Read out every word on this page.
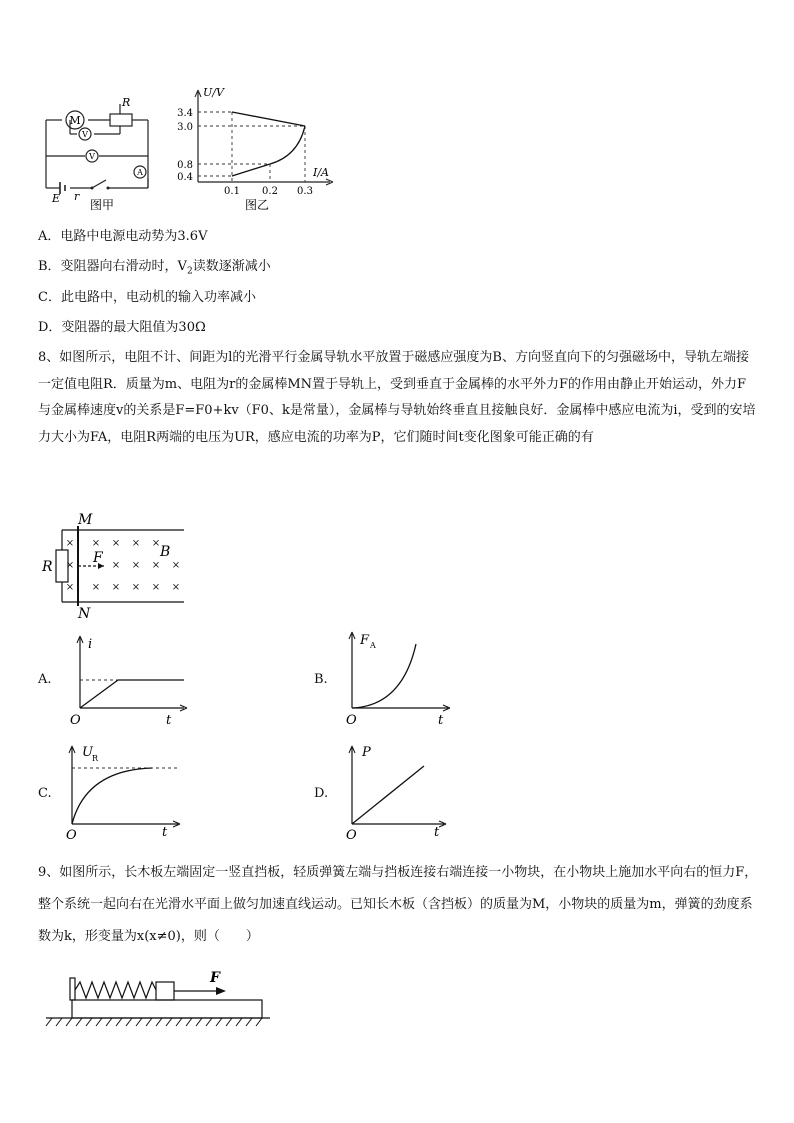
M
R
V
V
A
E r
图甲
U/V
I/A
3.4
3.0
0.8
0.4
0.1 0.2 0.3
图乙
A．电路中电源电动势为3.6V
B．变阻器向右滑动时，$V_2$读数逐渐减小
C．此电路中，电动机的输入功率减小
D．变阻器的最大阻值为30Ω
8、如图所示，电阻不计、间距为l的光滑平行金属导轨水平放置于磁感应强度为B、方向竖直向下的匀强磁场中，导轨左端接一定值电阻R．质量为m、电阻为r的金属棒MN置于导轨上，受到垂直于金属棒的水平外力F的作用由静止开始运动，外力F与金属棒速度v的关系是F=F0+kv（F0、k是常量），金属棒与导轨始终垂直且接触良好．金属棒中感应电流为i，受到的安培力大小为FA，电阻R两端的电压为UR，感应电流的功率为P，它们随时间t变化图象可能正确的有
×
×
×
×
×
×
×
×
×
×
×
×
×
×
×
×
M
N
R
F	B
A.
i
O	t
B.
F A
O	t
C.
U R
O	t
D.
P
O	t
9、如图所示，长木板左端固定一竖直挡板，轻质弹簧左端与挡板连接右端连接一小物块，在小物块上施加水平向右的恒力F，整个系统一起向右在光滑水平面上做匀加速直线运动。已知长木板（含挡板）的质量为M，小物块的质量为m，弹簧的劲度系数为k，形变量为x(x≠0)，则（　　）
F
